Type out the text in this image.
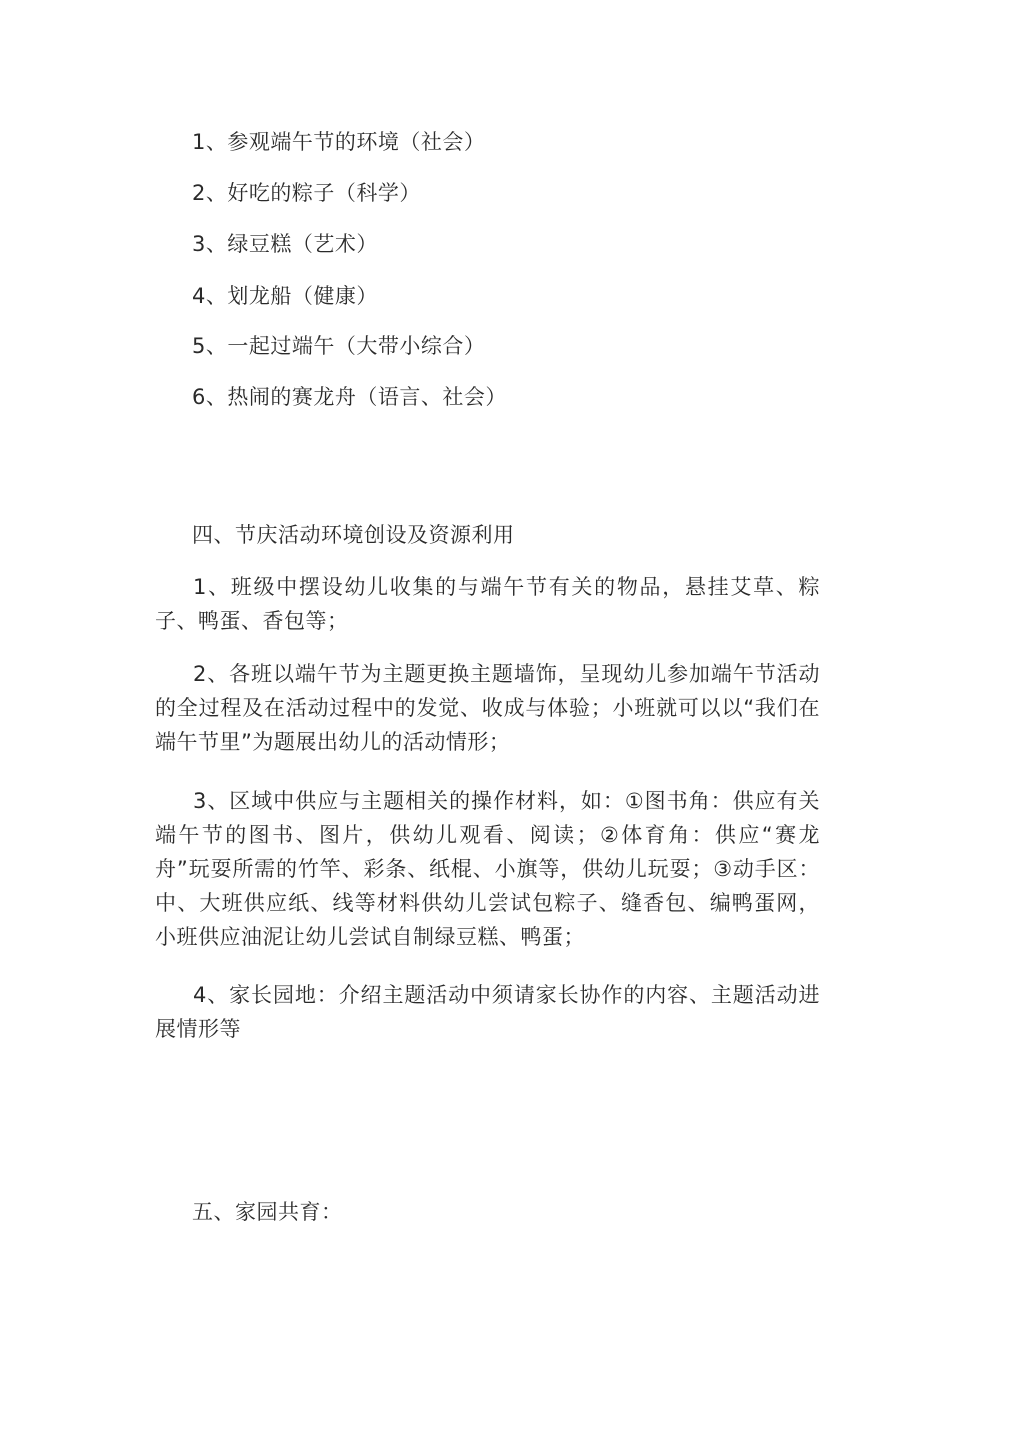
1、参观端午节的环境（社会）
2、好吃的粽子（科学）
3、绿豆糕（艺术）
4、划龙船（健康）
5、一起过端午（大带小综合）
6、热闹的赛龙舟（语言、社会）
四、节庆活动环境创设及资源利用
1、班级中摆设幼儿收集的与端午节有关的物品，悬挂艾草、粽子、鸭蛋、香包等；
2、各班以端午节为主题更换主题墙饰，呈现幼儿参加端午节活动的全过程及在活动过程中的发觉、收成与体验；小班就可以以“我们在端午节里”为题展出幼儿的活动情形；
3、区域中供应与主题相关的操作材料，如：①图书角：供应有关端午节的图书、图片，供幼儿观看、阅读；②体育角：供应“赛龙舟”玩耍所需的竹竿、彩条、纸棍、小旗等，供幼儿玩耍；③动手区：中、大班供应纸、线等材料供幼儿尝试包粽子、缝香包、编鸭蛋网，小班供应油泥让幼儿尝试自制绿豆糕、鸭蛋；
4、家长园地：介绍主题活动中须请家长协作的内容、主题活动进展情形等
五、家园共育：
